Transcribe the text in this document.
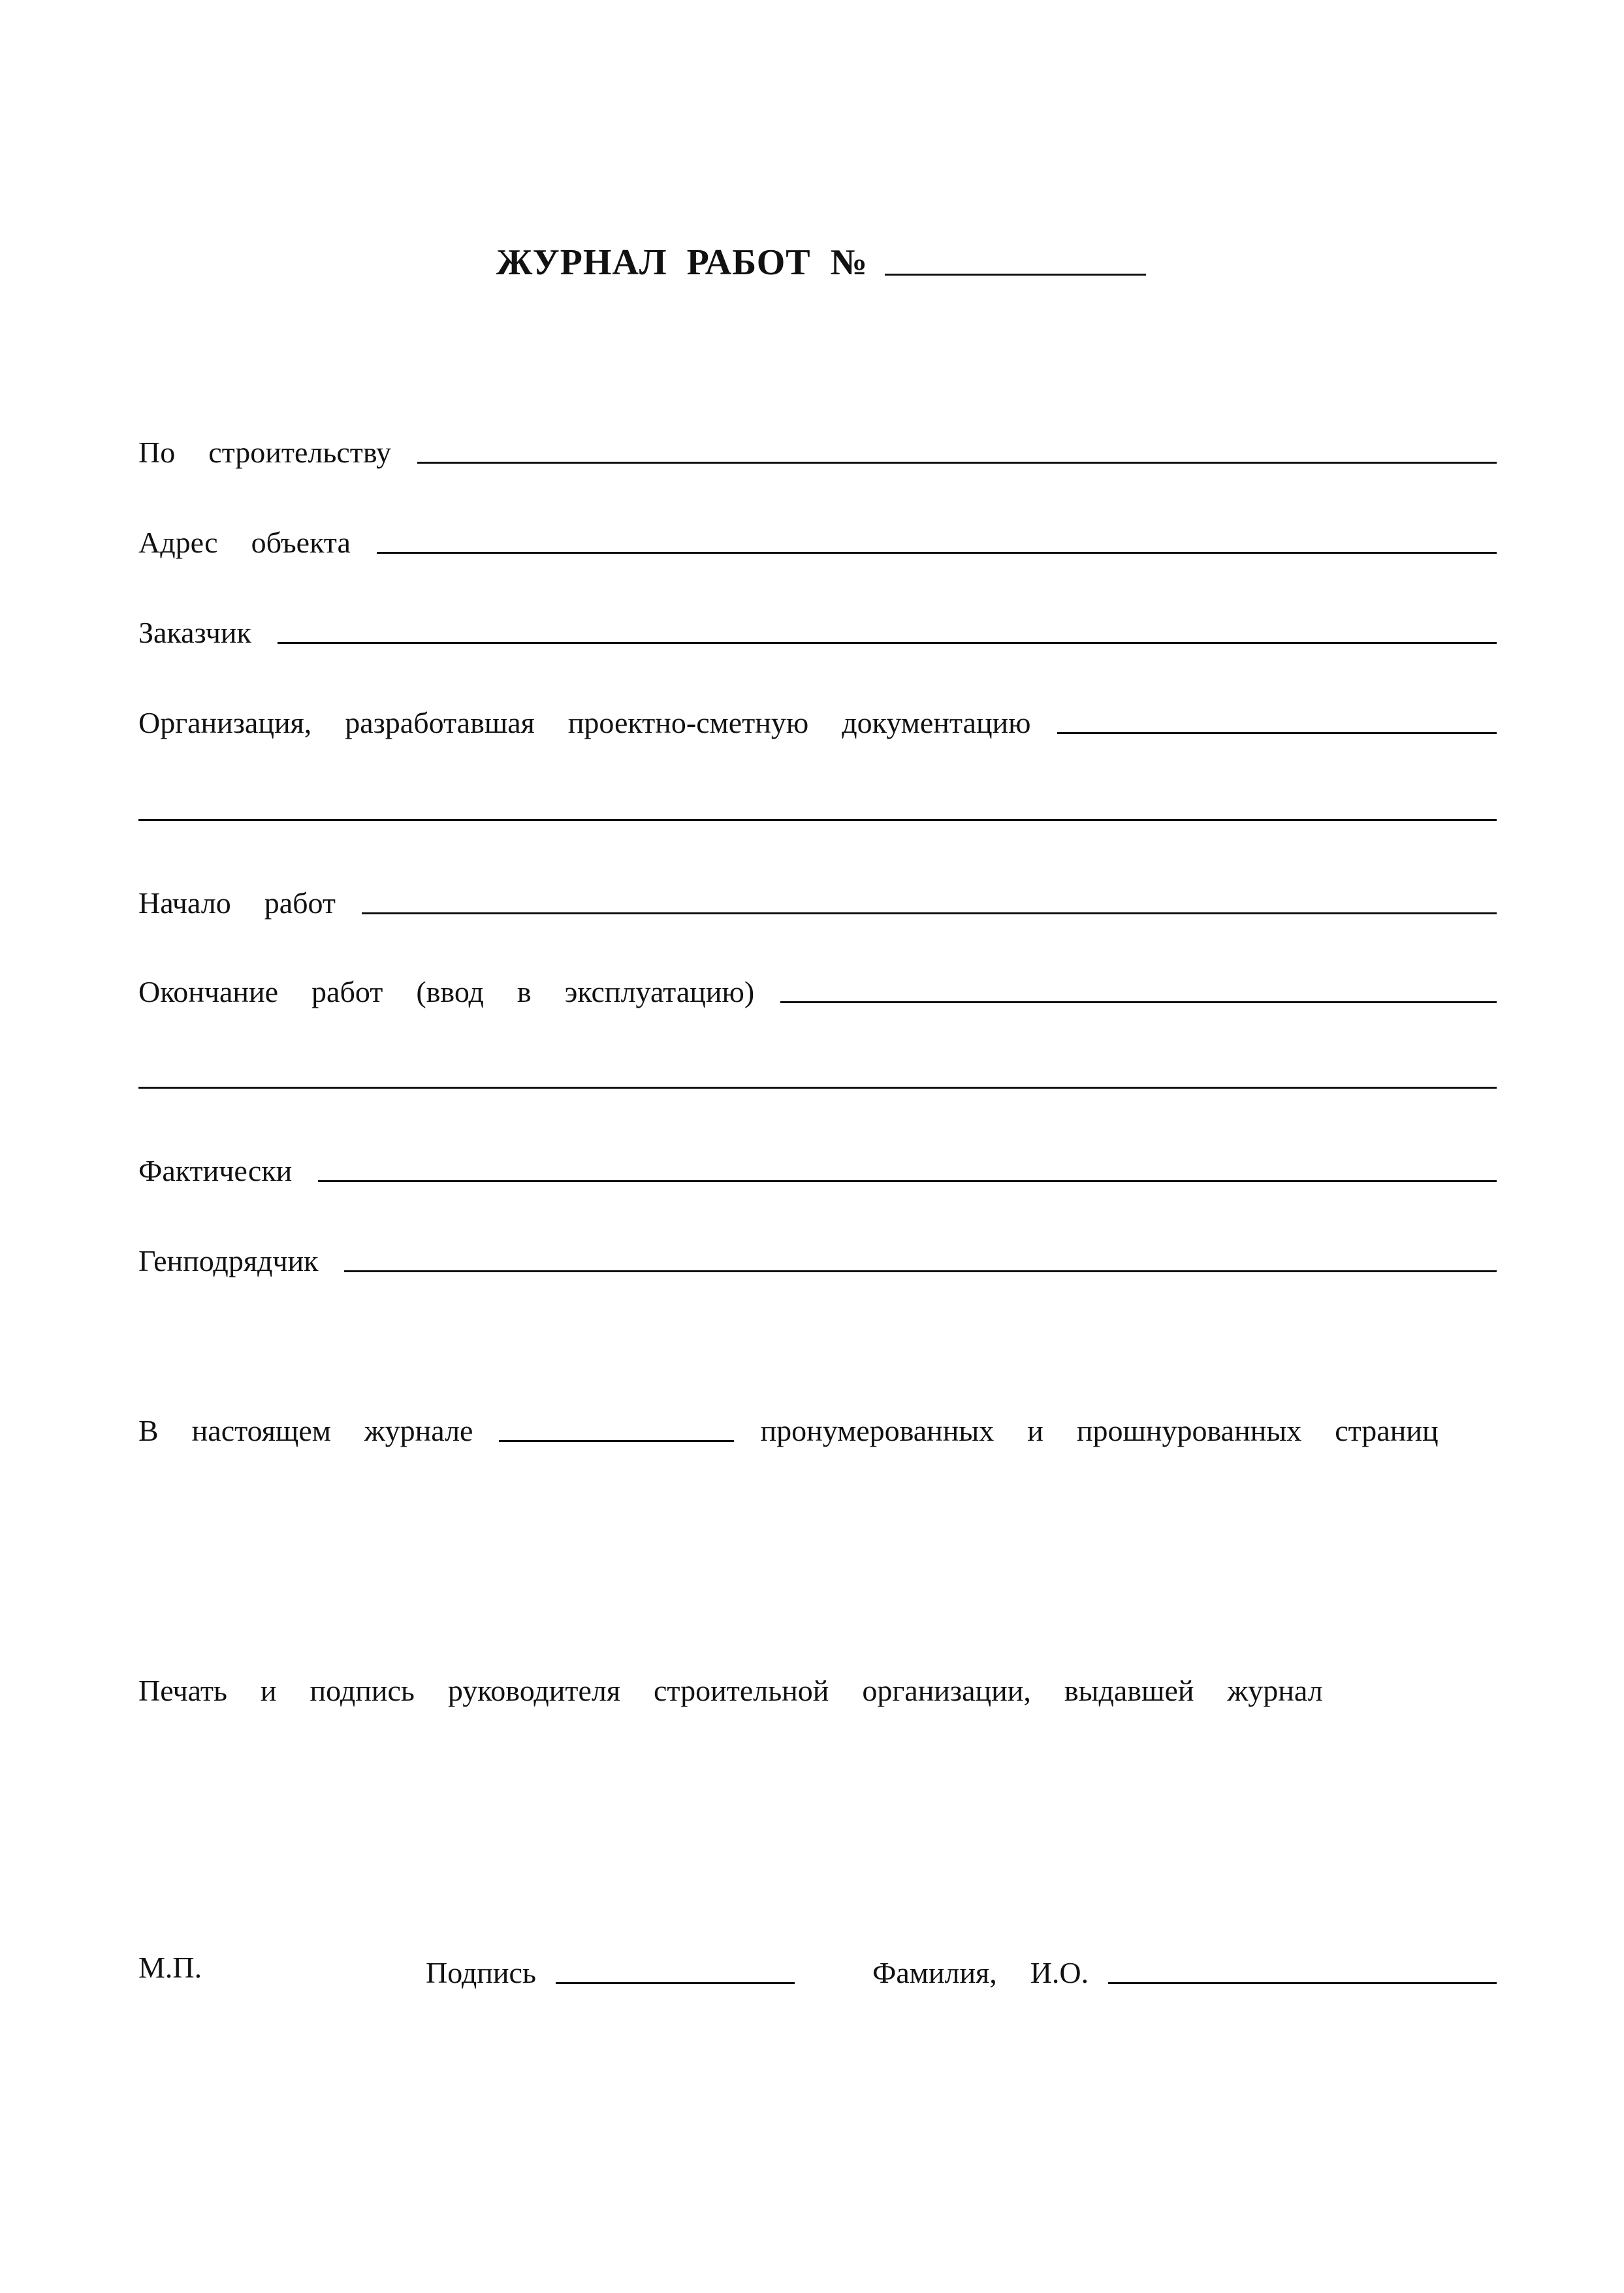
ЖУРНАЛ  РАБОТ  №
По  строительству
Адрес  объекта
Заказчик
Организация,  разработавшая  проектно-сметную  документацию
Начало  работ
Окончание  работ  (ввод  в  эксплуатацию)
Фактически
Генподрядчик
В  настоящем  журнале	пронумерованных  и  прошнурованных  страниц
Печать  и  подпись  руководителя  строительной  организации,  выдавшей  журнал
М.П.	Подпись	Фамилия,  И.О.
